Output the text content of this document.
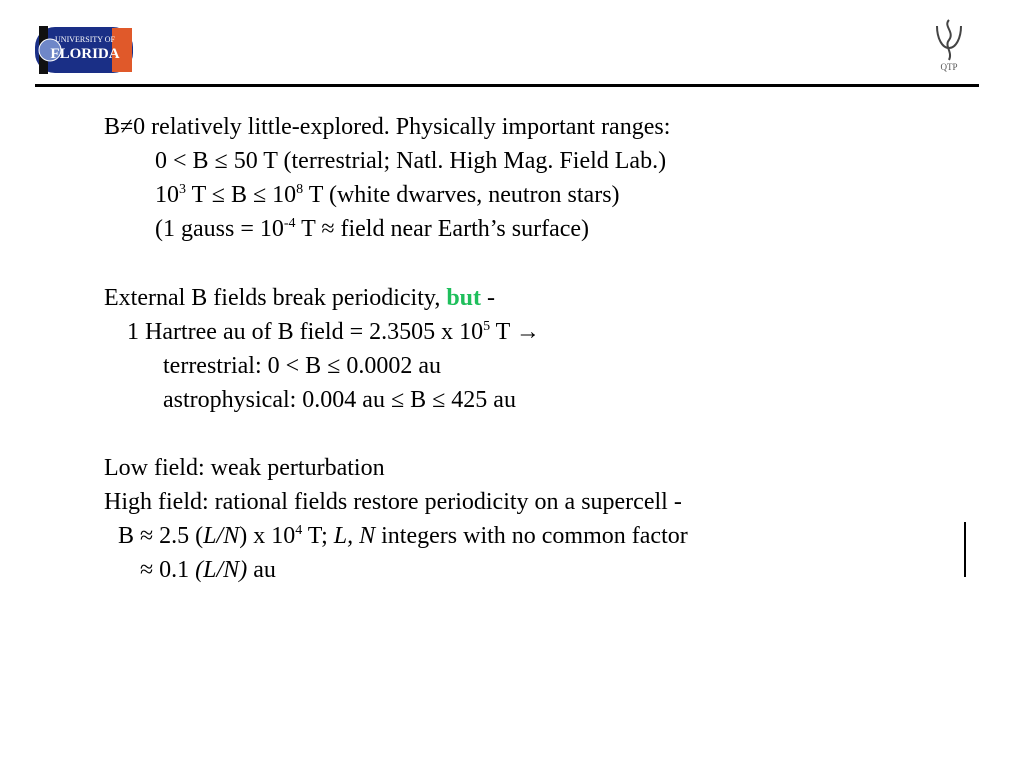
UNIVERSITY OF
FLORIDA
QTP
B≠0 relatively little-explored. Physically important ranges:
0 < B ≤ 50 T (terrestrial; Natl. High Mag. Field Lab.)
$10^3$ $T \le B \le 10^8$ T (white dwarves, neutron stars)
(1 gauss = $10^{-4}$ T ≈ field near Earth’s surface)
External B fields break periodicity, but -
1 Hartree au of B field = 2.3505 x $10^5$ T →
terrestrial: 0 < B ≤ 0.0002 au
astrophysical: 0.004 au ≤ B ≤ 425 au
Low field: weak perturbation
High field: rational fields restore periodicity on a supercell -
B ≈ 2.5 (L/N) x $10^4$ T; L, N integers with no common factor
≈ 0.1 (L/N) au
